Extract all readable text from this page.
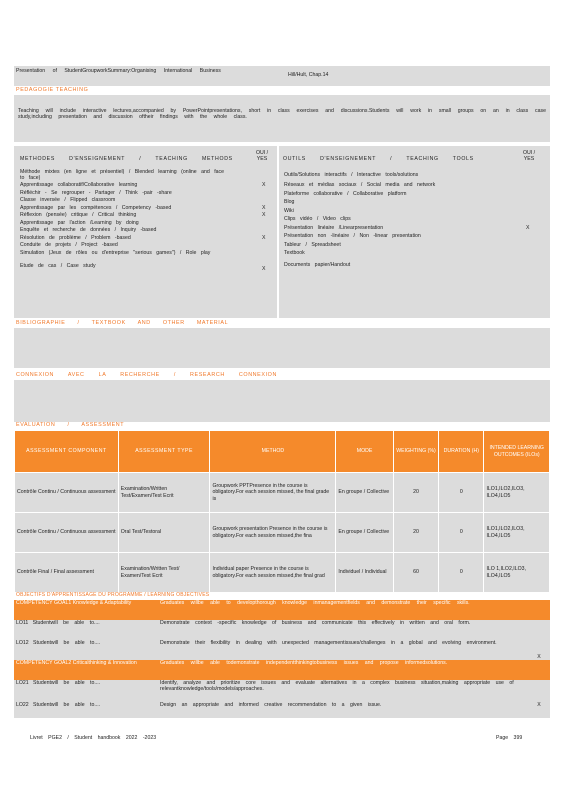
Presentation of StudentGroupworkSummary:Organising International Business
Hill/Hult, Chap.14
PEDAGOGIE TEACHING
Teaching will include interactive lectures,accompanied by PowerPointpresentations, short in class exercises and discussions.Students will work in small groups on an in class case study,including presentation and discussion oftheir findings with the whole class.
METHODES D'ENSEIGNEMENT / TEACHING METHODS
OUI / YES	OUTILS D'ENSEIGNEMENT / TEACHING TOOLS
OUI / YES
Méthode mixtes (en ligne et présentiel) / Blended learning (online and face to face)
Apprentissage collaboratif/Collaborative learning	X
Réfléchir - Se regrouper - Partager / Think -pair -share
Classe inversée / Flipped classroom
Apprentissage par les compétences / Competency -based	X
Réflexion (pensée) critique / Critical thinking	X
Apprentissage par l'action /Learning by doing
Enquête et recherche de données / Inquiry -based
Résolution de problème / Problem -based	X
Conduite de projets / Project -based
Simulation (Jeux de rôles ou d'entreprise "serious games") / Role play
Etude de cas / Case study	X
Outils/Solutions interactifs / Interactive tools/solutions
Réseaux et médias sociaux / Social media and network
Plateforme collaborative / Collaborative platform
Blog
Wiki
Clips vidéo / Video clips
Présentation linéaire /Linearpresentation	X
Présentation non -linéaire / Non -linear presentation
Tableur / Spreadsheet
Textbook
Documents papier/Handout
BIBLIOGRAPHIE / TEXTBOOK AND OTHER MATERIAL
CONNEXION AVEC LA RECHERCHE / RESEARCH CONNEXION
EVALUATION / ASSESSMENT
ASSESSMENT COMPONENT	ASSESSMENT TYPE	METHOD	MODE	WEIGHTING (%)	DURATION (H)	INTENDED LEARNING OUTCOMES (ILOs)
Contrôle Continu / Continuous assessment	Examination/Written Test/Examen/Test Ecrit	Groupwork PPTPresence in the course is obligatory.For each session missed, the final grade is	En groupe / Collective	20	0	ILO1,ILO2,ILO3, ILO4,ILO5
Contrôle Continu / Continuous assessment	Oral Test/Testoral	Groupwork presentation Presence in the course is obligatory.For each session missed,the fina	En groupe / Collective	20	0	ILO1,ILO2,ILO3, ILO4,ILO5
Contrôle Final / Final assessment	Examination/Written Test/ Examen/Test Ecrit	Individual paper Presence in the course is obligatory.For each session missed,the final grad	Individuel / Individual	60	0	ILO 1,ILO2,ILO3, ILO4,ILO5
OBJECTIFS D'APPRENTISSAGE DU PROGRAMME / LEARNING OBJECTIVES
COMPETENCY GOAL1 Knowledge & Adaptability	Graduates willbe able to developthorough knowledge inmanagementfields and demonstrate their specific skills.	
LO11 Studentwill be able to....	Demonstrate context -specific knowledge of business and communicate this effectively in written and oral form.	
LO12 Studentwill be able to....	Demonstrate their flexibility in dealing with unexpected managementissues/challenges in a global and evolving environment.	X
COMPETENCY GOAL2 Criticalthinking & Innovation	Graduates willbe able todemonstrate independentthinkingtobusiness issues and propose informedsolutions.	
LO21 Studentwill be able to....	Identify, analyze and prioritize core issues and evaluate alternatives in a complex business situation,making appropriate use of relevantknowledge/tools/models/approaches.	
LO22 Studentwill be able to....	Design an appropriate and informed creative recommendation to a given issue.	X
Livret PGE2 / Student handbook 2022 -2023	Page 399
